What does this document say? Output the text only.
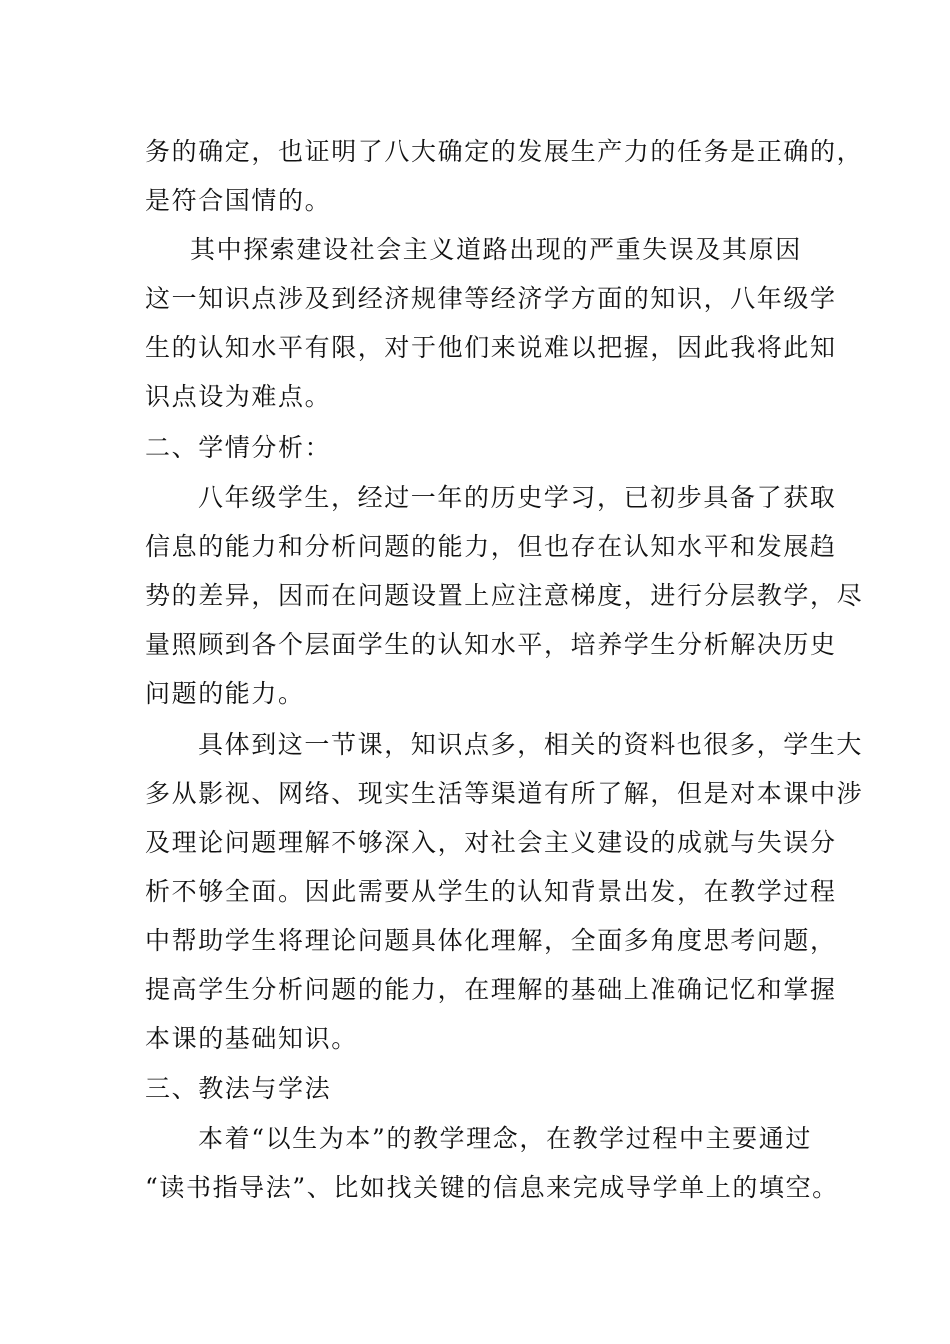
务的确定，也证明了八大确定的发展生产力的任务是正确的，
是符合国情的。
其中探索建设社会主义道路出现的严重失误及其原因
这一知识点涉及到经济规律等经济学方面的知识，八年级学
生的认知水平有限，对于他们来说难以把握，因此我将此知
识点设为难点。
二、学情分析：
八年级学生，经过一年的历史学习，已初步具备了获取
信息的能力和分析问题的能力，但也存在认知水平和发展趋
势的差异，因而在问题设置上应注意梯度，进行分层教学，尽
量照顾到各个层面学生的认知水平，培养学生分析解决历史
问题的能力。
具体到这一节课，知识点多，相关的资料也很多，学生大
多从影视、网络、现实生活等渠道有所了解，但是对本课中涉
及理论问题理解不够深入，对社会主义建设的成就与失误分
析不够全面。因此需要从学生的认知背景出发，在教学过程
中帮助学生将理论问题具体化理解，全面多角度思考问题，
提高学生分析问题的能力，在理解的基础上准确记忆和掌握
本课的基础知识。
三、教法与学法
本着“以生为本”的教学理念，在教学过程中主要通过
“读书指导法”、比如找关键的信息来完成导学单上的填空。
